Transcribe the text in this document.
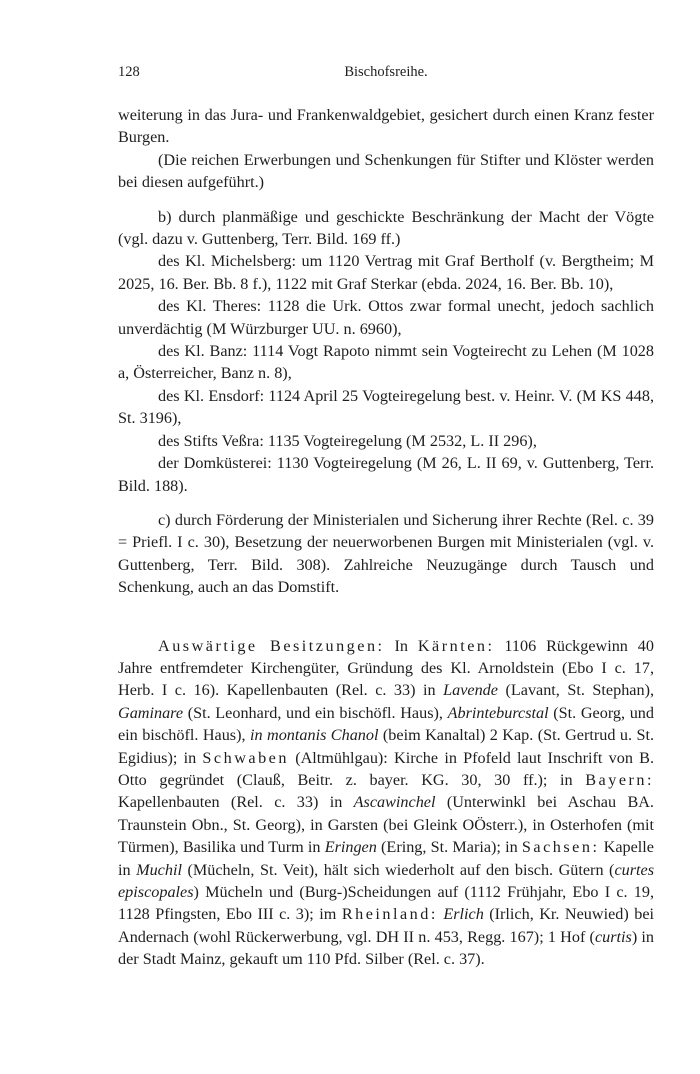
128	Bischofsreihe.

weiterung in das Jura- und Frankenwaldgebiet, gesichert durch einen Kranz fester Burgen.

(Die reichen Erwerbungen und Schenkungen für Stifter und Klöster werden bei diesen aufgeführt.)

b) durch planmäßige und geschickte Beschränkung der Macht der Vögte (vgl. dazu v. Guttenberg, Terr. Bild. 169 ff.)

des Kl. Michelsberg: um 1120 Vertrag mit Graf Bertholf (v. Bergtheim; M 2025, 16. Ber. Bb. 8 f.), 1122 mit Graf Sterkar (ebda. 2024, 16. Ber. Bb. 10),

des Kl. Theres: 1128 die Urk. Ottos zwar formal unecht, jedoch sachlich unverdächtig (M Würzburger UU. n. 6960),

des Kl. Banz: 1114 Vogt Rapoto nimmt sein Vogteirecht zu Lehen (M 1028 a, Österreicher, Banz n. 8),

des Kl. Ensdorf: 1124 April 25 Vogteiregelung best. v. Heinr. V. (M KS 448, St. 3196),

des Stifts Veßra: 1135 Vogteiregelung (M 2532, L. II 296),

der Domküsterei: 1130 Vogteiregelung (M 26, L. II 69, v. Guttenberg, Terr. Bild. 188).

c) durch Förderung der Ministerialen und Sicherung ihrer Rechte (Rel. c. 39 = Priefl. I c. 30), Besetzung der neuerworbenen Burgen mit Ministerialen (vgl. v. Guttenberg, Terr. Bild. 308). Zahlreiche Neuzugänge durch Tausch und Schenkung, auch an das Domstift.

Auswärtige Besitzungen: In Kärnten: 1106 Rückgewinn 40 Jahre entfremdeter Kirchengüter, Gründung des Kl. Arnoldstein (Ebo I c. 17, Herb. I c. 16). Kapellenbauten (Rel. c. 33) in Lavende (Lavant, St. Stephan), Gaminare (St. Leonhard, und ein bischöfl. Haus), Abrinteburcstal (St. Georg, und ein bischöfl. Haus), in montanis Chanol (beim Kanaltal) 2 Kap. (St. Gertrud u. St. Egidius); in Schwaben (Altmühlgau): Kirche in Pfofeld laut Inschrift von B. Otto gegründet (Clauß, Beitr. z. bayer. KG. 30, 30 ff.); in Bayern: Kapellenbauten (Rel. c. 33) in Ascawinchel (Unterwinkl bei Aschau BA. Traunstein Obn., St. Georg), in Garsten (bei Gleink OÖsterr.), in Osterhofen (mit Türmen), Basilika und Turm in Eringen (Ering, St. Maria); in Sachsen: Kapelle in Muchil (Mücheln, St. Veit), hält sich wiederholt auf den bisch. Gütern (curtes episcopales) Mücheln und (Burg-)Scheidungen auf (1112 Frühjahr, Ebo I c. 19, 1128 Pfingsten, Ebo III c. 3); im Rheinland: Erlich (Irlich, Kr. Neuwied) bei Andernach (wohl Rückerwerbung, vgl. DH II n. 453, Regg. 167); 1 Hof (curtis) in der Stadt Mainz, gekauft um 110 Pfd. Silber (Rel. c. 37).
